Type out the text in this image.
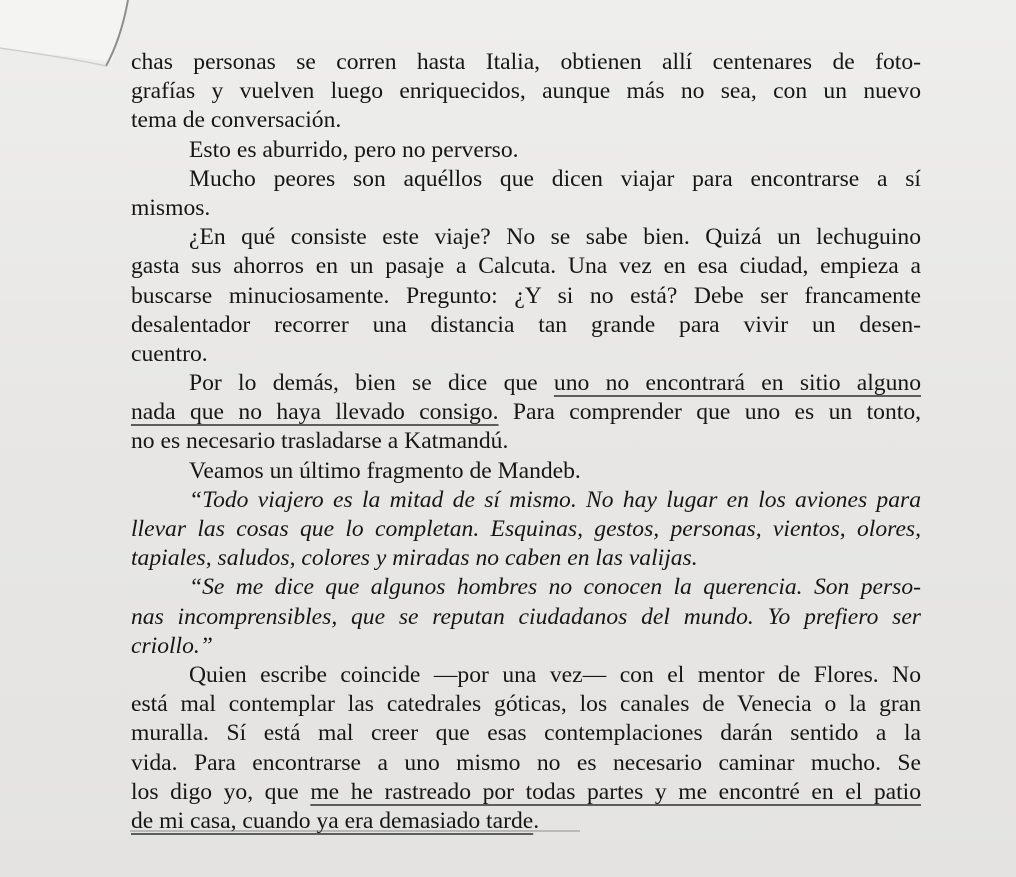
chas personas se corren hasta Italia, obtienen allí centenares de foto-
grafías y vuelven luego enriquecidos, aunque más no sea, con un nuevo
tema de conversación.
Esto es aburrido, pero no perverso.
Mucho peores son aquéllos que dicen viajar para encontrarse a sí
mismos.
¿En qué consiste este viaje? No se sabe bien. Quizá un lechuguino
gasta sus ahorros en un pasaje a Calcuta. Una vez en esa ciudad, empieza a
buscarse minuciosamente. Pregunto: ¿Y si no está? Debe ser francamente
desalentador recorrer una distancia tan grande para vivir un desen-
cuentro.
Por lo demás, bien se dice que uno no encontrará en sitio alguno
nada que no haya llevado consigo. Para comprender que uno es un tonto,
no es necesario trasladarse a Katmandú.
Veamos un último fragmento de Mandeb.
“Todo viajero es la mitad de sí mismo. No hay lugar en los aviones para
llevar las cosas que lo completan. Esquinas, gestos, personas, vientos, olores,
tapiales, saludos, colores y miradas no caben en las valijas.
“Se me dice que algunos hombres no conocen la querencia. Son perso-
nas incomprensibles, que se reputan ciudadanos del mundo. Yo prefiero ser
criollo.”
Quien escribe coincide —por una vez— con el mentor de Flores. No
está mal contemplar las catedrales góticas, los canales de Venecia o la gran
muralla. Sí está mal creer que esas contemplaciones darán sentido a la
vida. Para encontrarse a uno mismo no es necesario caminar mucho. Se
los digo yo, que me he rastreado por todas partes y me encontré en el patio
de mi casa, cuando ya era demasiado tarde.
